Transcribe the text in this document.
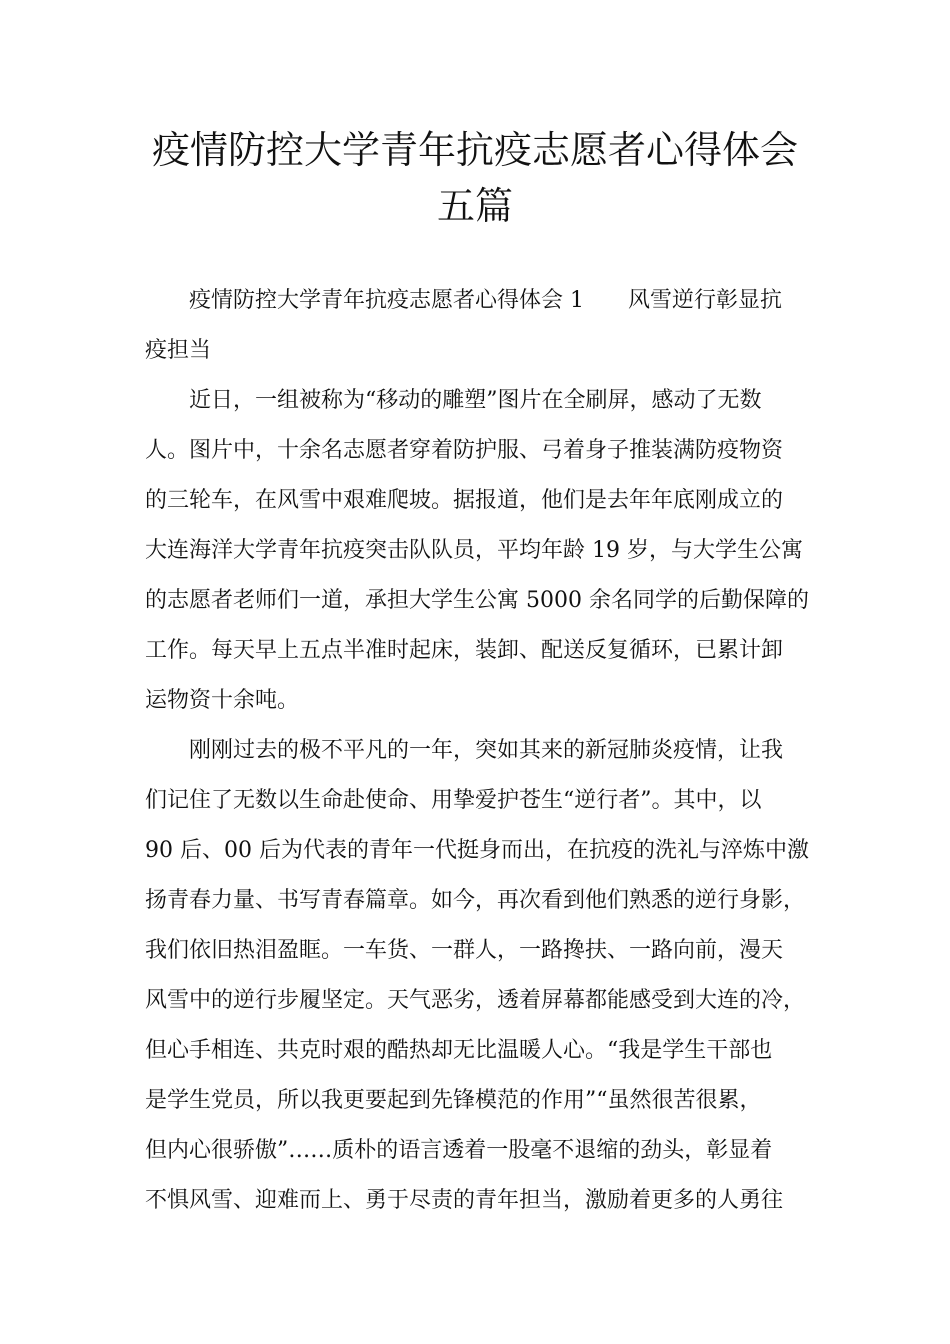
疫情防控大学青年抗疫志愿者心得体会
五篇
疫情防控大学青年抗疫志愿者心得体会 1　　风雪逆行彰显抗
疫担当
近日，一组被称为“移动的雕塑”图片在全刷屏，感动了无数
人。图片中，十余名志愿者穿着防护服、弓着身子推装满防疫物资
的三轮车，在风雪中艰难爬坡。据报道，他们是去年年底刚成立的
大连海洋大学青年抗疫突击队队员，平均年龄 19 岁，与大学生公寓
的志愿者老师们一道，承担大学生公寓 5000 余名同学的后勤保障的
工作。每天早上五点半准时起床，装卸、配送反复循环，已累计卸
运物资十余吨。
刚刚过去的极不平凡的一年，突如其来的新冠肺炎疫情，让我
们记住了无数以生命赴使命、用挚爱护苍生“逆行者”。其中，以
90 后、00 后为代表的青年一代挺身而出，在抗疫的洗礼与淬炼中激
扬青春力量、书写青春篇章。如今，再次看到他们熟悉的逆行身影，
我们依旧热泪盈眶。一车货、一群人，一路搀扶、一路向前，漫天
风雪中的逆行步履坚定。天气恶劣，透着屏幕都能感受到大连的冷，
但心手相连、共克时艰的酷热却无比温暖人心。“我是学生干部也
是学生党员，所以我更要起到先锋模范的作用”“虽然很苦很累，
但内心很骄傲”……质朴的语言透着一股毫不退缩的劲头，彰显着
不惧风雪、迎难而上、勇于尽责的青年担当，激励着更多的人勇往
